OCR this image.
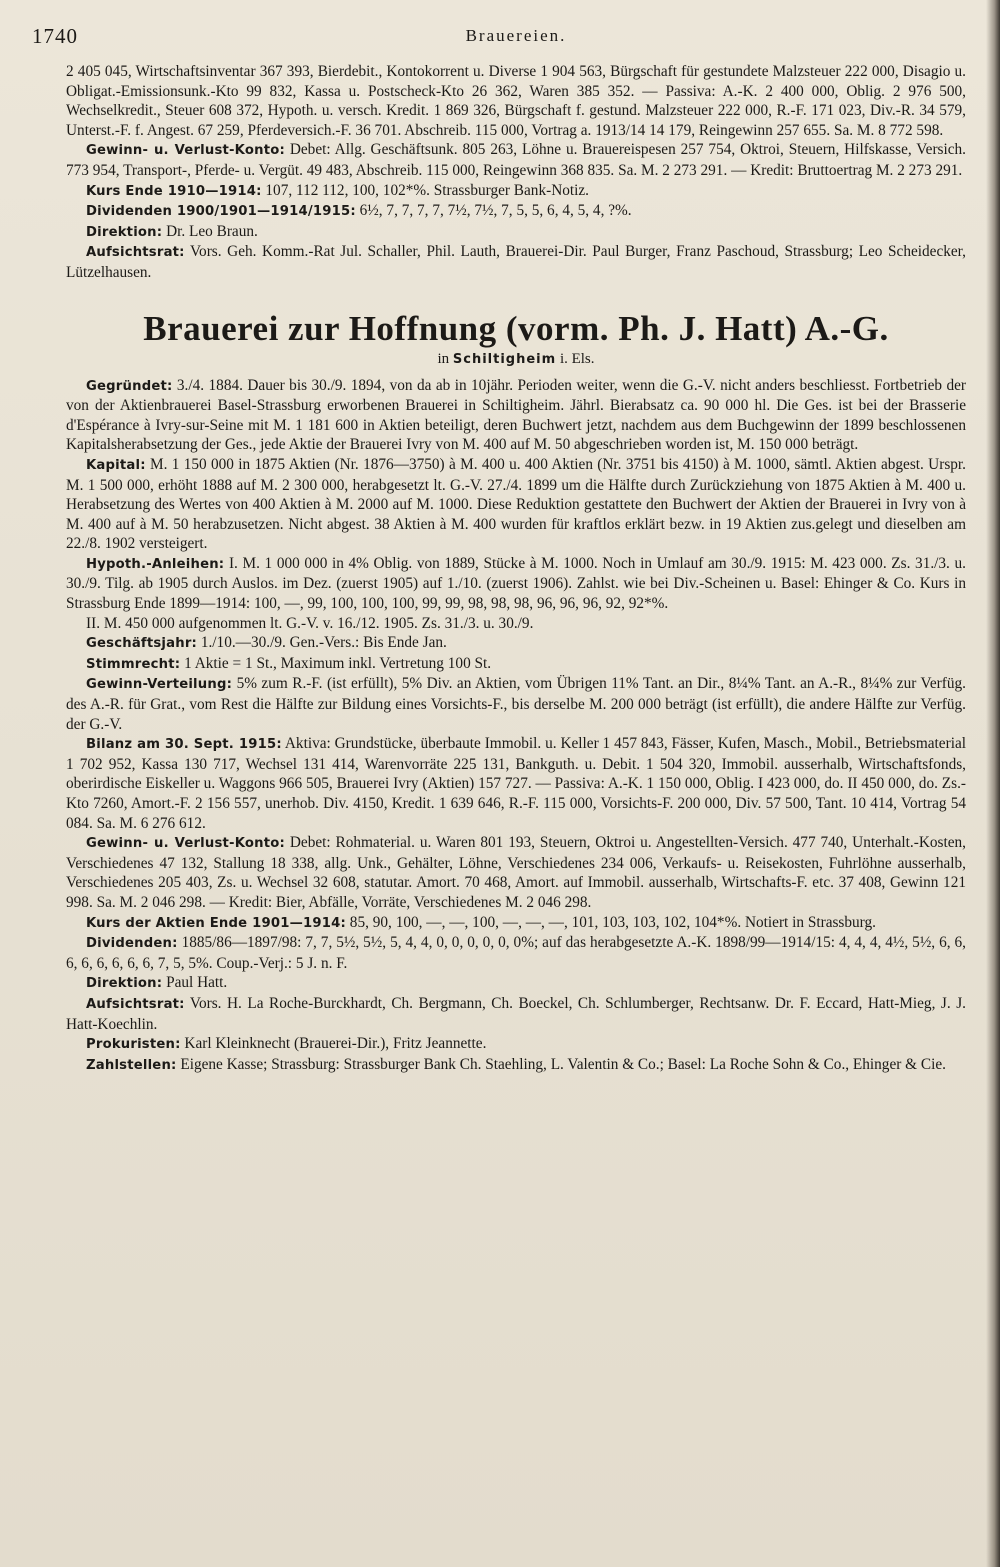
1740	Brauereien.

2 405 045, Wirtschaftsinventar 367 393, Bierdebit., Kontokorrent u. Diverse 1 904 563, Bürgschaft für gestundete Malzsteuer 222 000, Disagio u. Obligat.-Emissionsunk.-Kto 99 832, Kassa u. Postscheck-Kto 26 362, Waren 385 352. — Passiva: A.-K. 2 400 000, Oblig. 2 976 500, Wechselkredit., Steuer 608 372, Hypoth. u. versch. Kredit. 1 869 326, Bürgschaft f. gestund. Malzsteuer 222 000, R.-F. 171 023, Div.-R. 34 579, Unterst.-F. f. Angest. 67 259, Pferdeversich.-F. 36 701. Abschreib. 115 000, Vortrag a. 1913/14 14 179, Reingewinn 257 655. Sa. M. 8 772 598.

Gewinn- u. Verlust-Konto: Debet: Allg. Geschäftsunk. 805 263, Löhne u. Brauereispesen 257 754, Oktroi, Steuern, Hilfskasse, Versich. 773 954, Transport-, Pferde- u. Vergüt. 49 483, Abschreib. 115 000, Reingewinn 368 835. Sa. M. 2 273 291. — Kredit: Bruttoertrag M. 2 273 291.

Kurs Ende 1910—1914: 107, 112 112, 100, 102*%. Strassburger Bank-Notiz.

Dividenden 1900/1901—1914/1915: 6½, 7, 7, 7, 7, 7½, 7½, 7, 5, 5, 6, 4, 5, 4, ?%.

Direktion: Dr. Leo Braun.

Aufsichtsrat: Vors. Geh. Komm.-Rat Jul. Schaller, Phil. Lauth, Brauerei-Dir. Paul Burger, Franz Paschoud, Strassburg; Leo Scheidecker, Lützelhausen.

Brauerei zur Hoffnung (vorm. Ph. J. Hatt) A.-G.

in Schiltigheim i. Els.

Gegründet: 3./4. 1884. Dauer bis 30./9. 1894, von da ab in 10jähr. Perioden weiter, wenn die G.-V. nicht anders beschliesst. Fortbetrieb der von der Aktienbrauerei Basel-Strassburg erworbenen Brauerei in Schiltigheim. Jährl. Bierabsatz ca. 90 000 hl. Die Ges. ist bei der Brasserie d'Espérance à Ivry-sur-Seine mit M. 1 181 600 in Aktien beteiligt, deren Buchwert jetzt, nachdem aus dem Buchgewinn der 1899 beschlossenen Kapitalsherabsetzung der Ges., jede Aktie der Brauerei Ivry von M. 400 auf M. 50 abgeschrieben worden ist, M. 150 000 beträgt.

Kapital: M. 1 150 000 in 1875 Aktien (Nr. 1876—3750) à M. 400 u. 400 Aktien (Nr. 3751 bis 4150) à M. 1000, sämtl. Aktien abgest. Urspr. M. 1 500 000, erhöht 1888 auf M. 2 300 000, herabgesetzt lt. G.-V. 27./4. 1899 um die Hälfte durch Zurückziehung von 1875 Aktien à M. 400 u. Herabsetzung des Wertes von 400 Aktien à M. 2000 auf M. 1000. Diese Reduktion gestattete den Buchwert der Aktien der Brauerei in Ivry von à M. 400 auf à M. 50 herabzusetzen. Nicht abgest. 38 Aktien à M. 400 wurden für kraftlos erklärt bezw. in 19 Aktien zus.gelegt und dieselben am 22./8. 1902 versteigert.

Hypoth.-Anleihen: I. M. 1 000 000 in 4% Oblig. von 1889, Stücke à M. 1000. Noch in Umlauf am 30./9. 1915: M. 423 000. Zs. 31./3. u. 30./9. Tilg. ab 1905 durch Auslos. im Dez. (zuerst 1905) auf 1./10. (zuerst 1906). Zahlst. wie bei Div.-Scheinen u. Basel: Ehinger & Co. Kurs in Strassburg Ende 1899—1914: 100, —, 99, 100, 100, 100, 99, 99, 98, 98, 98, 96, 96, 96, 92, 92*%.

II. M. 450 000 aufgenommen lt. G.-V. v. 16./12. 1905. Zs. 31./3. u. 30./9.

Geschäftsjahr: 1./10.—30./9. Gen.-Vers.: Bis Ende Jan.

Stimmrecht: 1 Aktie = 1 St., Maximum inkl. Vertretung 100 St.

Gewinn-Verteilung: 5% zum R.-F. (ist erfüllt), 5% Div. an Aktien, vom Übrigen 11% Tant. an Dir., 8¼% Tant. an A.-R., 8¼% zur Verfüg. des A.-R. für Grat., vom Rest die Hälfte zur Bildung eines Vorsichts-F., bis derselbe M. 200 000 beträgt (ist erfüllt), die andere Hälfte zur Verfüg. der G.-V.

Bilanz am 30. Sept. 1915: Aktiva: Grundstücke, überbaute Immobil. u. Keller 1 457 843, Fässer, Kufen, Masch., Mobil., Betriebsmaterial 1 702 952, Kassa 130 717, Wechsel 131 414, Warenvorräte 225 131, Bankguth. u. Debit. 1 504 320, Immobil. ausserhalb, Wirtschaftsfonds, oberirdische Eiskeller u. Waggons 966 505, Brauerei Ivry (Aktien) 157 727. — Passiva: A.-K. 1 150 000, Oblig. I 423 000, do. II 450 000, do. Zs.-Kto 7260, Amort.-F. 2 156 557, unerhob. Div. 4150, Kredit. 1 639 646, R.-F. 115 000, Vorsichts-F. 200 000, Div. 57 500, Tant. 10 414, Vortrag 54 084. Sa. M. 6 276 612.

Gewinn- u. Verlust-Konto: Debet: Rohmaterial. u. Waren 801 193, Steuern, Oktroi u. Angestellten-Versich. 477 740, Unterhalt.-Kosten, Verschiedenes 47 132, Stallung 18 338, allg. Unk., Gehälter, Löhne, Verschiedenes 234 006, Verkaufs- u. Reisekosten, Fuhrlöhne ausserhalb, Verschiedenes 205 403, Zs. u. Wechsel 32 608, statutar. Amort. 70 468, Amort. auf Immobil. ausserhalb, Wirtschafts-F. etc. 37 408, Gewinn 121 998. Sa. M. 2 046 298. — Kredit: Bier, Abfälle, Vorräte, Verschiedenes M. 2 046 298.

Kurs der Aktien Ende 1901—1914: 85, 90, 100, —, —, 100, —, —, —, 101, 103, 103, 102, 104*%. Notiert in Strassburg.

Dividenden: 1885/86—1897/98: 7, 7, 5½, 5½, 5, 4, 4, 0, 0, 0, 0, 0, 0%; auf das herabgesetzte A.-K. 1898/99—1914/15: 4, 4, 4, 4½, 5½, 6, 6, 6, 6, 6, 6, 6, 6, 7, 5, 5%. Coup.-Verj.: 5 J. n. F.

Direktion: Paul Hatt.

Aufsichtsrat: Vors. H. La Roche-Burckhardt, Ch. Bergmann, Ch. Boeckel, Ch. Schlumberger, Rechtsanw. Dr. F. Eccard, Hatt-Mieg, J. J. Hatt-Koechlin.

Prokuristen: Karl Kleinknecht (Brauerei-Dir.), Fritz Jeannette.

Zahlstellen: Eigene Kasse; Strassburg: Strassburger Bank Ch. Staehling, L. Valentin & Co.; Basel: La Roche Sohn & Co., Ehinger & Cie.
